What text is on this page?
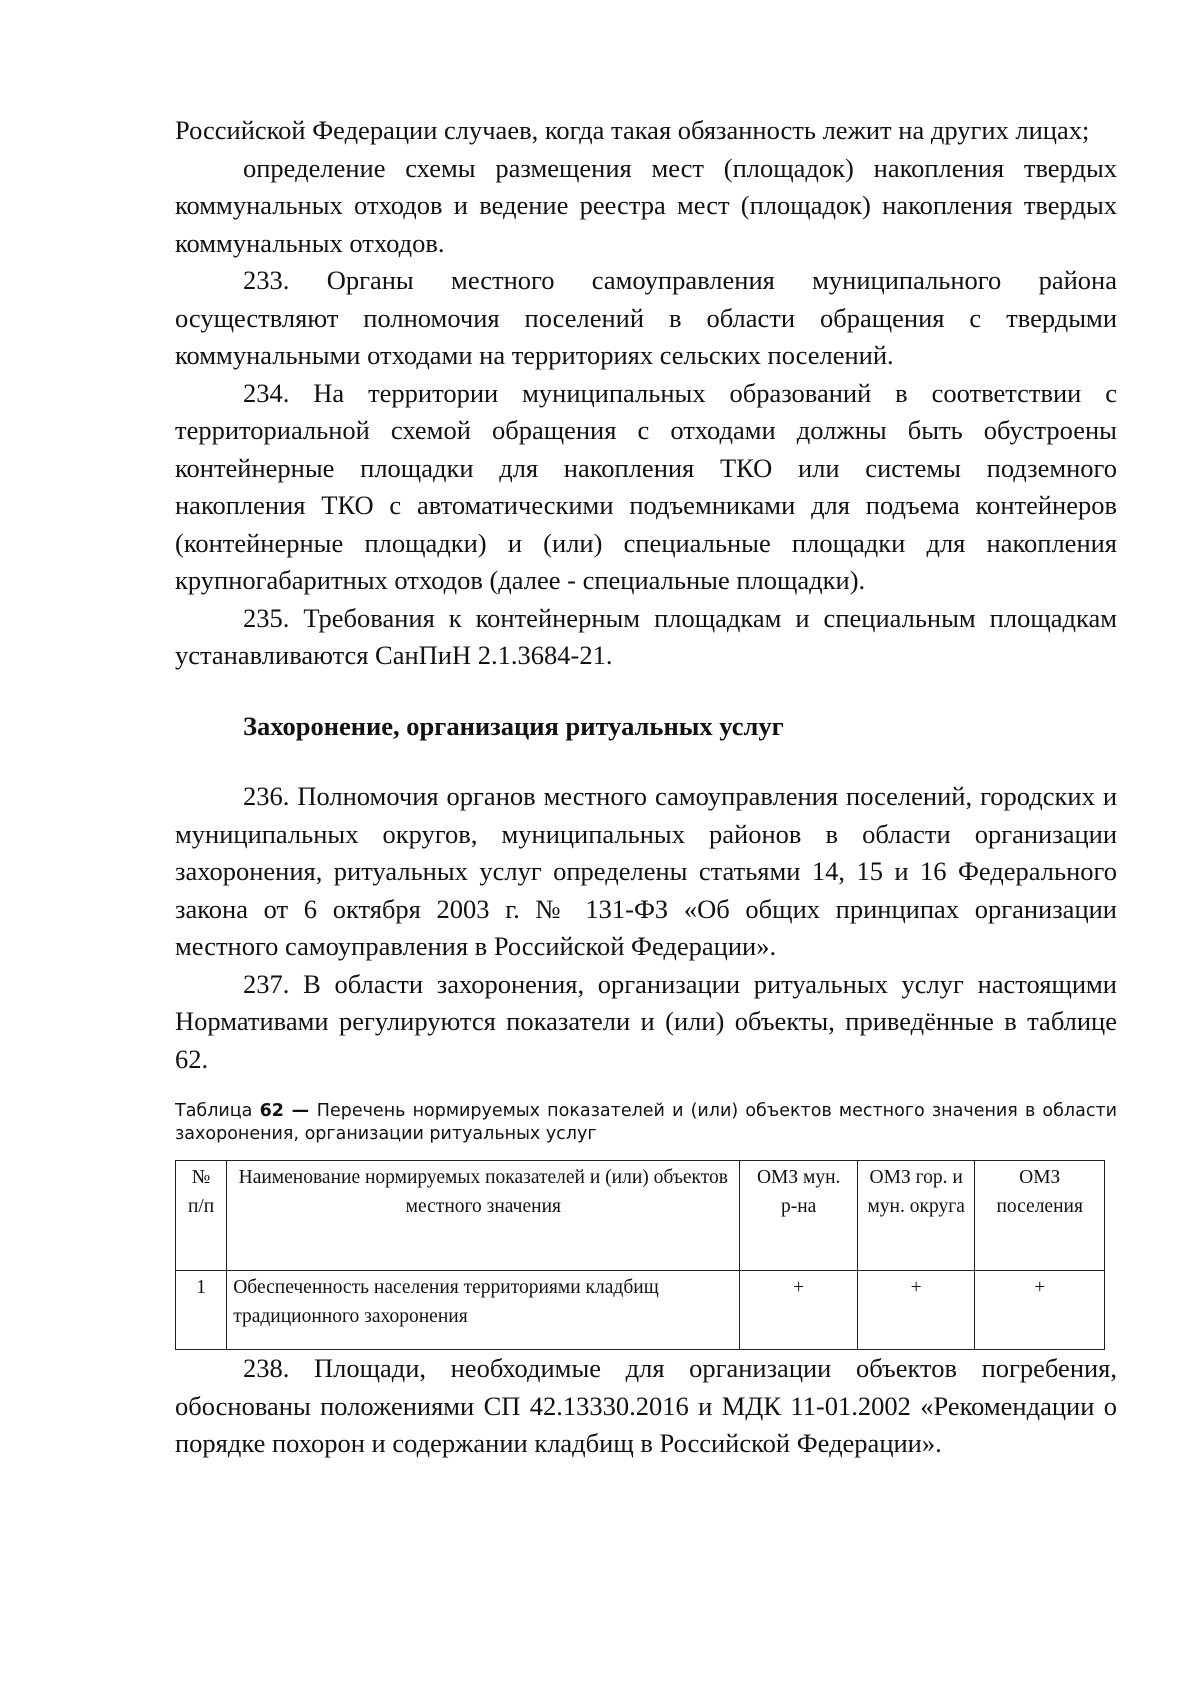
Российской Федерации случаев, когда такая обязанность лежит на других лицах;

определение схемы размещения мест (площадок) накопления твердых коммунальных отходов и ведение реестра мест (площадок) накопления твердых коммунальных отходов.

233. Органы местного самоуправления муниципального района осуществляют полномочия поселений в области обращения с твердыми коммунальными отходами на территориях сельских поселений.

234. На территории муниципальных образований в соответствии с территориальной схемой обращения с отходами должны быть обустроены контейнерные площадки для накопления ТКО или системы подземного накопления ТКО с автоматическими подъемниками для подъема контейнеров (контейнерные площадки) и (или) специальные площадки для накопления крупногабаритных отходов (далее - специальные площадки).

235. Требования к контейнерным площадкам и специальным площадкам устанавливаются СанПиН 2.1.3684-21.

Захоронение, организация ритуальных услуг

236. Полномочия органов местного самоуправления поселений, городских и муниципальных округов, муниципальных районов в области организации захоронения, ритуальных услуг определены статьями 14, 15 и 16 Федерального закона от 6 октября 2003 г. № 131-ФЗ «Об общих принципах организации местного самоуправления в Российской Федерации».

237. В области захоронения, организации ритуальных услуг настоящими Нормативами регулируются показатели и (или) объекты, приведённые в таблице 62.

Таблица 62 — Перечень нормируемых показателей и (или) объектов местного значения в области захоронения, организации ритуальных услуг
№ п/п	Наименование нормируемых показателей и (или) объектов местного значения	ОМЗ мун. р-на	ОМЗ гор. и мун. округа	ОМЗ поселения
1	Обеспеченность населения территориями кладбищ традиционного захоронения	+	+	+

238. Площади, необходимые для организации объектов погребения, обоснованы положениями СП 42.13330.2016 и МДК 11-01.2002 «Рекомендации о порядке похорон и содержании кладбищ в Российской Федерации».
